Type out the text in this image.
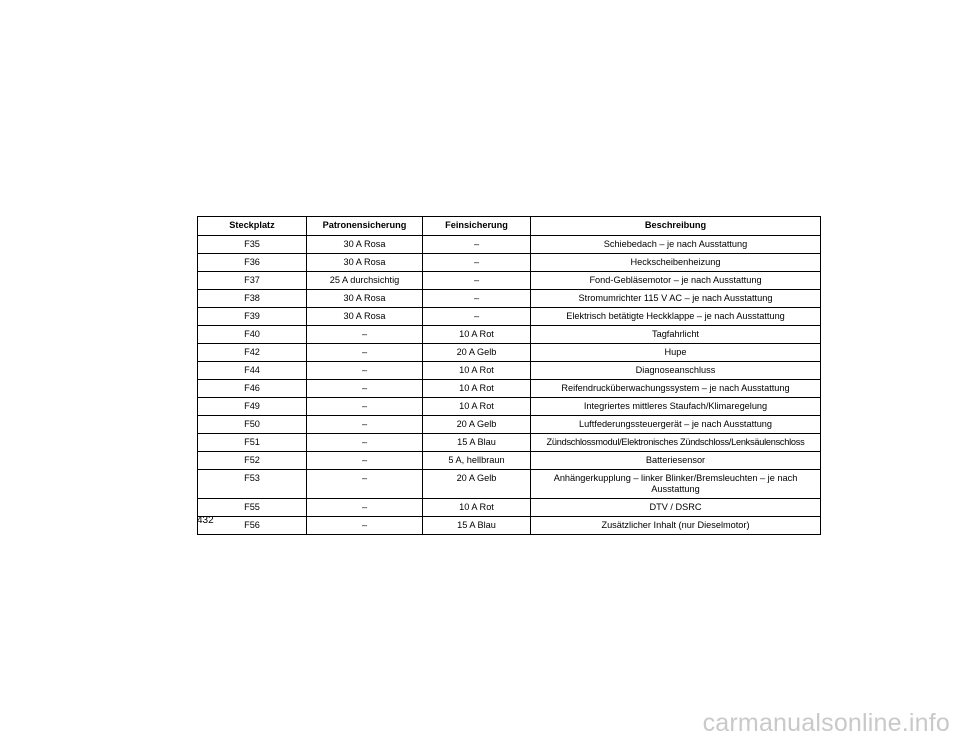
Steckplatz	Patronensicherung	Feinsicherung	Beschreibung
F35	30 A Rosa	–	Schiebedach – je nach Ausstattung
F36	30 A Rosa	–	Heckscheibenheizung
F37	25 A durchsichtig	–	Fond-Gebläsemotor – je nach Ausstattung
F38	30 A Rosa	–	Stromumrichter 115 V AC – je nach Ausstattung
F39	30 A Rosa	–	Elektrisch betätigte Heckklappe – je nach Ausstattung
F40	–	10 A Rot	Tagfahrlicht
F42	–	20 A Gelb	Hupe
F44	–	10 A Rot	Diagnoseanschluss
F46	–	10 A Rot	Reifendrucküberwachungssystem – je nach Ausstattung
F49	–	10 A Rot	Integriertes mittleres Staufach/Klimaregelung
F50	–	20 A Gelb	Luftfederungssteuergerät – je nach Ausstattung
F51	–	15 A Blau	Zündschlossmodul/Elektronisches Zündschloss/Lenksäulenschloss
F52	–	5 A, hellbraun	Batteriesensor
F53	–	20 A Gelb	Anhängerkupplung – linker Blinker/Bremsleuchten – je nach Ausstattung
F55	–	10 A Rot	DTV / DSRC
F56	–	15 A Blau	Zusätzlicher Inhalt (nur Dieselmotor)
432
carmanualsonline.info
